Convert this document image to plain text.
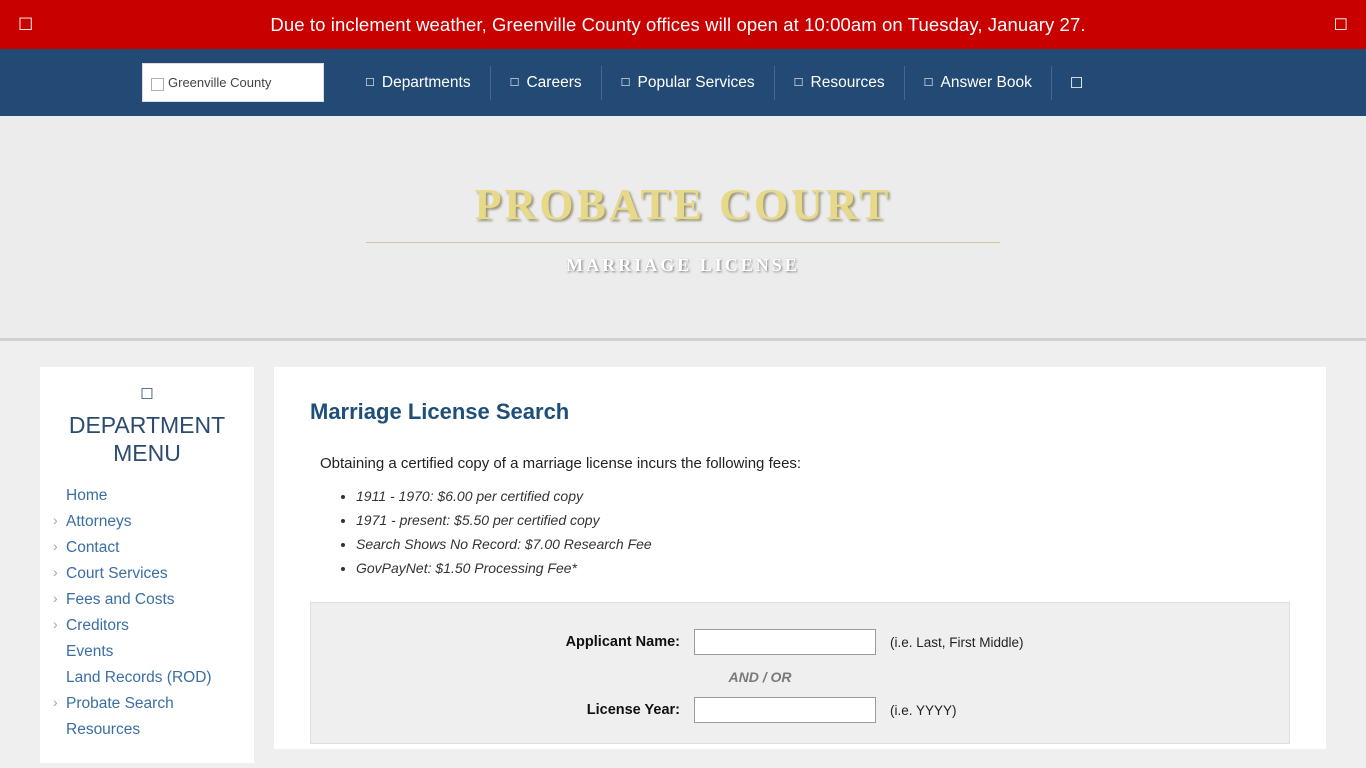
☐	Due to inclement weather, Greenville County offices will open at 10:00am on Tuesday, January 27.	☐
Greenville County	☐ Departments	☐ Careers	☐ Popular Services	☐ Resources	☐ Answer Book	☐
PROBATE COURT
MARRIAGE LICENSE
☐
DEPARTMENT MENU
Home
› Attorneys
› Contact
› Court Services
› Fees and Costs
› Creditors
Events
Land Records (ROD)
› Probate Search
Resources
Marriage License Search

Obtaining a certified copy of a marriage license incurs the following fees:

• 1911 - 1970: $6.00 per certified copy
• 1971 - present: $5.50 per certified copy
• Search Shows No Record: $7.00 Research Fee
• GovPayNet: $1.50 Processing Fee*
Applicant Name:	(i.e. Last, First Middle)
AND / OR
License Year:	(i.e. YYYY)
